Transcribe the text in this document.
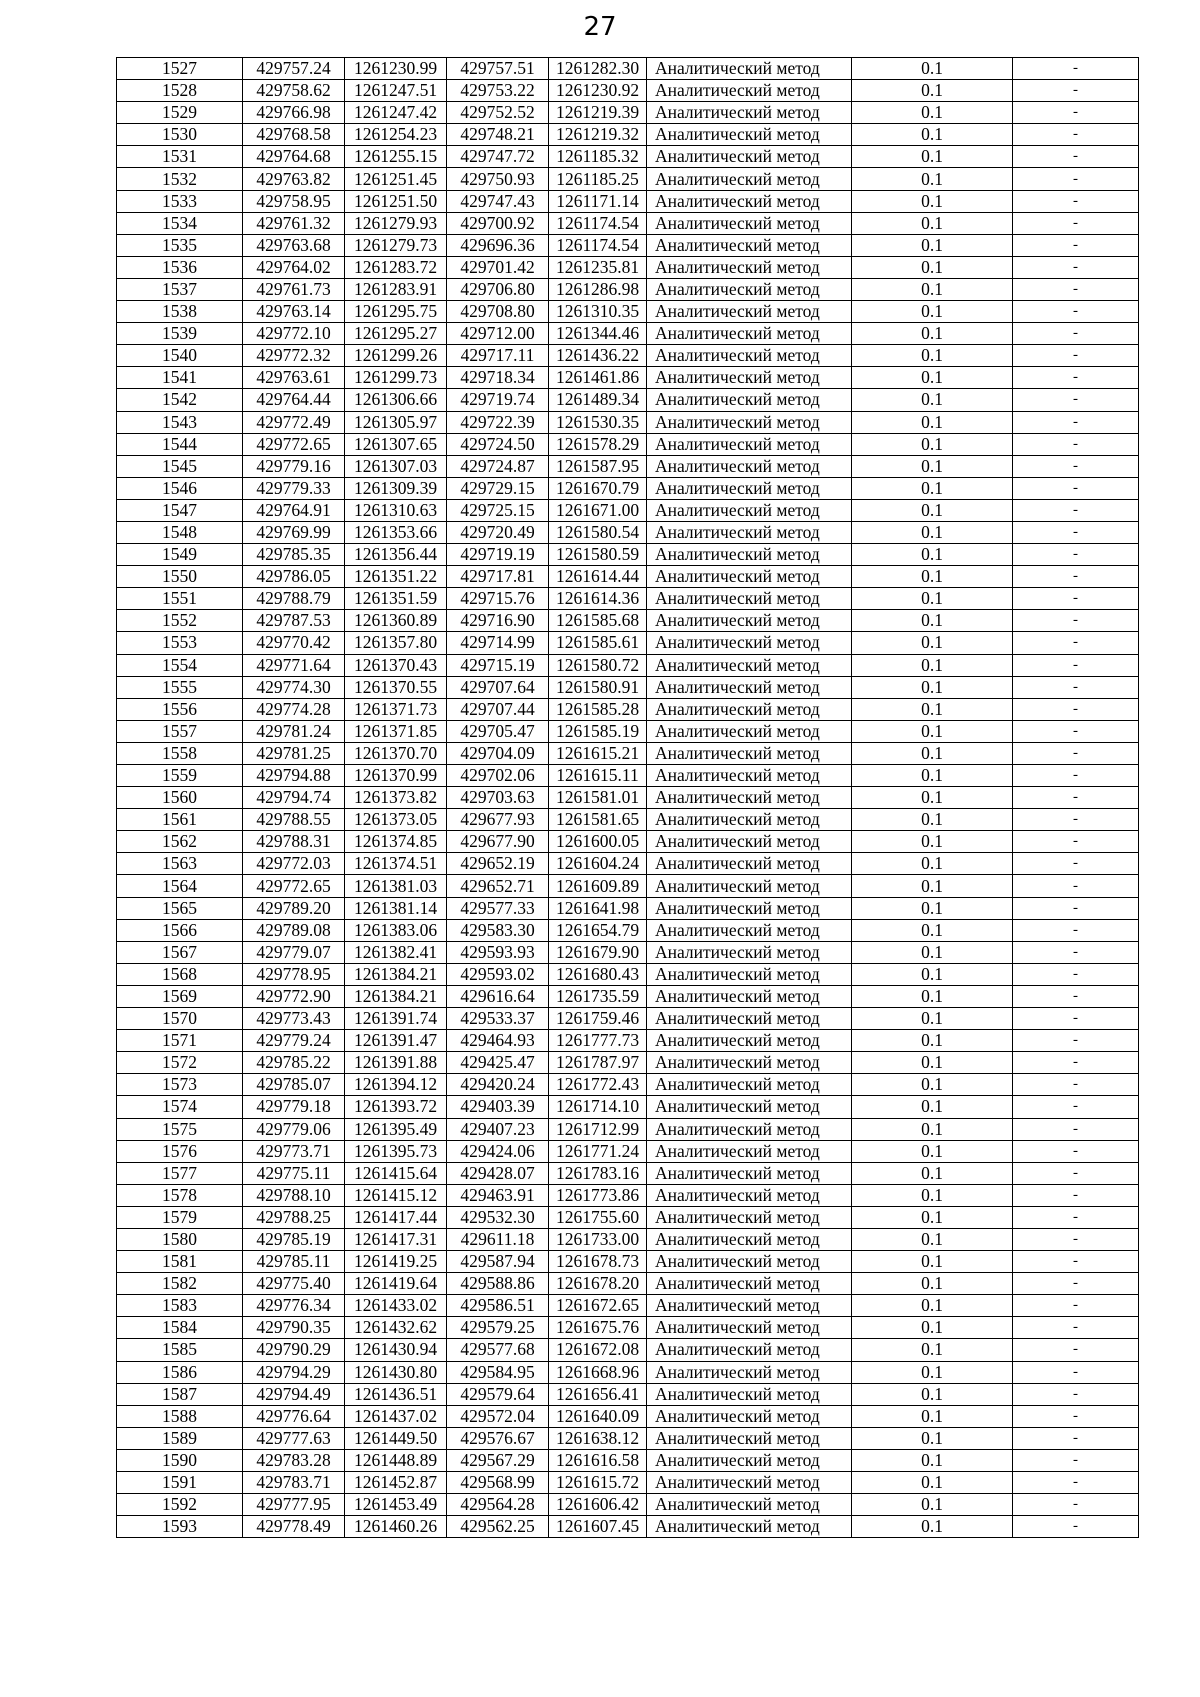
27
1527	429757.24	1261230.99	429757.51	1261282.30	Аналитический метод	0.1	-
1528	429758.62	1261247.51	429753.22	1261230.92	Аналитический метод	0.1	-
1529	429766.98	1261247.42	429752.52	1261219.39	Аналитический метод	0.1	-
1530	429768.58	1261254.23	429748.21	1261219.32	Аналитический метод	0.1	-
1531	429764.68	1261255.15	429747.72	1261185.32	Аналитический метод	0.1	-
1532	429763.82	1261251.45	429750.93	1261185.25	Аналитический метод	0.1	-
1533	429758.95	1261251.50	429747.43	1261171.14	Аналитический метод	0.1	-
1534	429761.32	1261279.93	429700.92	1261174.54	Аналитический метод	0.1	-
1535	429763.68	1261279.73	429696.36	1261174.54	Аналитический метод	0.1	-
1536	429764.02	1261283.72	429701.42	1261235.81	Аналитический метод	0.1	-
1537	429761.73	1261283.91	429706.80	1261286.98	Аналитический метод	0.1	-
1538	429763.14	1261295.75	429708.80	1261310.35	Аналитический метод	0.1	-
1539	429772.10	1261295.27	429712.00	1261344.46	Аналитический метод	0.1	-
1540	429772.32	1261299.26	429717.11	1261436.22	Аналитический метод	0.1	-
1541	429763.61	1261299.73	429718.34	1261461.86	Аналитический метод	0.1	-
1542	429764.44	1261306.66	429719.74	1261489.34	Аналитический метод	0.1	-
1543	429772.49	1261305.97	429722.39	1261530.35	Аналитический метод	0.1	-
1544	429772.65	1261307.65	429724.50	1261578.29	Аналитический метод	0.1	-
1545	429779.16	1261307.03	429724.87	1261587.95	Аналитический метод	0.1	-
1546	429779.33	1261309.39	429729.15	1261670.79	Аналитический метод	0.1	-
1547	429764.91	1261310.63	429725.15	1261671.00	Аналитический метод	0.1	-
1548	429769.99	1261353.66	429720.49	1261580.54	Аналитический метод	0.1	-
1549	429785.35	1261356.44	429719.19	1261580.59	Аналитический метод	0.1	-
1550	429786.05	1261351.22	429717.81	1261614.44	Аналитический метод	0.1	-
1551	429788.79	1261351.59	429715.76	1261614.36	Аналитический метод	0.1	-
1552	429787.53	1261360.89	429716.90	1261585.68	Аналитический метод	0.1	-
1553	429770.42	1261357.80	429714.99	1261585.61	Аналитический метод	0.1	-
1554	429771.64	1261370.43	429715.19	1261580.72	Аналитический метод	0.1	-
1555	429774.30	1261370.55	429707.64	1261580.91	Аналитический метод	0.1	-
1556	429774.28	1261371.73	429707.44	1261585.28	Аналитический метод	0.1	-
1557	429781.24	1261371.85	429705.47	1261585.19	Аналитический метод	0.1	-
1558	429781.25	1261370.70	429704.09	1261615.21	Аналитический метод	0.1	-
1559	429794.88	1261370.99	429702.06	1261615.11	Аналитический метод	0.1	-
1560	429794.74	1261373.82	429703.63	1261581.01	Аналитический метод	0.1	-
1561	429788.55	1261373.05	429677.93	1261581.65	Аналитический метод	0.1	-
1562	429788.31	1261374.85	429677.90	1261600.05	Аналитический метод	0.1	-
1563	429772.03	1261374.51	429652.19	1261604.24	Аналитический метод	0.1	-
1564	429772.65	1261381.03	429652.71	1261609.89	Аналитический метод	0.1	-
1565	429789.20	1261381.14	429577.33	1261641.98	Аналитический метод	0.1	-
1566	429789.08	1261383.06	429583.30	1261654.79	Аналитический метод	0.1	-
1567	429779.07	1261382.41	429593.93	1261679.90	Аналитический метод	0.1	-
1568	429778.95	1261384.21	429593.02	1261680.43	Аналитический метод	0.1	-
1569	429772.90	1261384.21	429616.64	1261735.59	Аналитический метод	0.1	-
1570	429773.43	1261391.74	429533.37	1261759.46	Аналитический метод	0.1	-
1571	429779.24	1261391.47	429464.93	1261777.73	Аналитический метод	0.1	-
1572	429785.22	1261391.88	429425.47	1261787.97	Аналитический метод	0.1	-
1573	429785.07	1261394.12	429420.24	1261772.43	Аналитический метод	0.1	-
1574	429779.18	1261393.72	429403.39	1261714.10	Аналитический метод	0.1	-
1575	429779.06	1261395.49	429407.23	1261712.99	Аналитический метод	0.1	-
1576	429773.71	1261395.73	429424.06	1261771.24	Аналитический метод	0.1	-
1577	429775.11	1261415.64	429428.07	1261783.16	Аналитический метод	0.1	-
1578	429788.10	1261415.12	429463.91	1261773.86	Аналитический метод	0.1	-
1579	429788.25	1261417.44	429532.30	1261755.60	Аналитический метод	0.1	-
1580	429785.19	1261417.31	429611.18	1261733.00	Аналитический метод	0.1	-
1581	429785.11	1261419.25	429587.94	1261678.73	Аналитический метод	0.1	-
1582	429775.40	1261419.64	429588.86	1261678.20	Аналитический метод	0.1	-
1583	429776.34	1261433.02	429586.51	1261672.65	Аналитический метод	0.1	-
1584	429790.35	1261432.62	429579.25	1261675.76	Аналитический метод	0.1	-
1585	429790.29	1261430.94	429577.68	1261672.08	Аналитический метод	0.1	-
1586	429794.29	1261430.80	429584.95	1261668.96	Аналитический метод	0.1	-
1587	429794.49	1261436.51	429579.64	1261656.41	Аналитический метод	0.1	-
1588	429776.64	1261437.02	429572.04	1261640.09	Аналитический метод	0.1	-
1589	429777.63	1261449.50	429576.67	1261638.12	Аналитический метод	0.1	-
1590	429783.28	1261448.89	429567.29	1261616.58	Аналитический метод	0.1	-
1591	429783.71	1261452.87	429568.99	1261615.72	Аналитический метод	0.1	-
1592	429777.95	1261453.49	429564.28	1261606.42	Аналитический метод	0.1	-
1593	429778.49	1261460.26	429562.25	1261607.45	Аналитический метод	0.1	-
